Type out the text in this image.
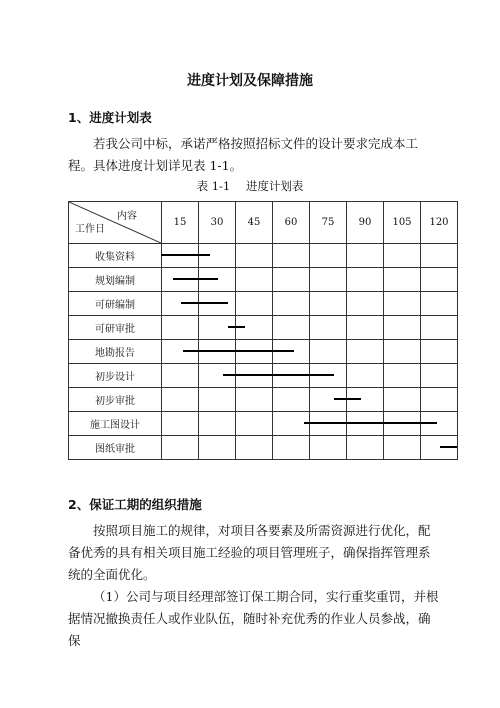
进度计划及保障措施
1、进度计划表

若我公司中标，承诺严格按照招标文件的设计要求完成本工程。具体进度计划详见表 1-1。

表 1-1 进度计划表
内容
工作日	15	30	45	60	75	90	105	120
收集资料								
规划编制								
可研编制								
可研审批								
地勘报告								
初步设计								
初步审批								
施工图设计								
图纸审批								
2、保证工期的组织措施

按照项目施工的规律，对项目各要素及所需资源进行优化，配备优秀的具有相关项目施工经验的项目管理班子，确保指挥管理系统的全面优化。

（1）公司与项目经理部签订保工期合同，实行重奖重罚，并根据情况撤换责任人或作业队伍，随时补充优秀的作业人员参战，确保
